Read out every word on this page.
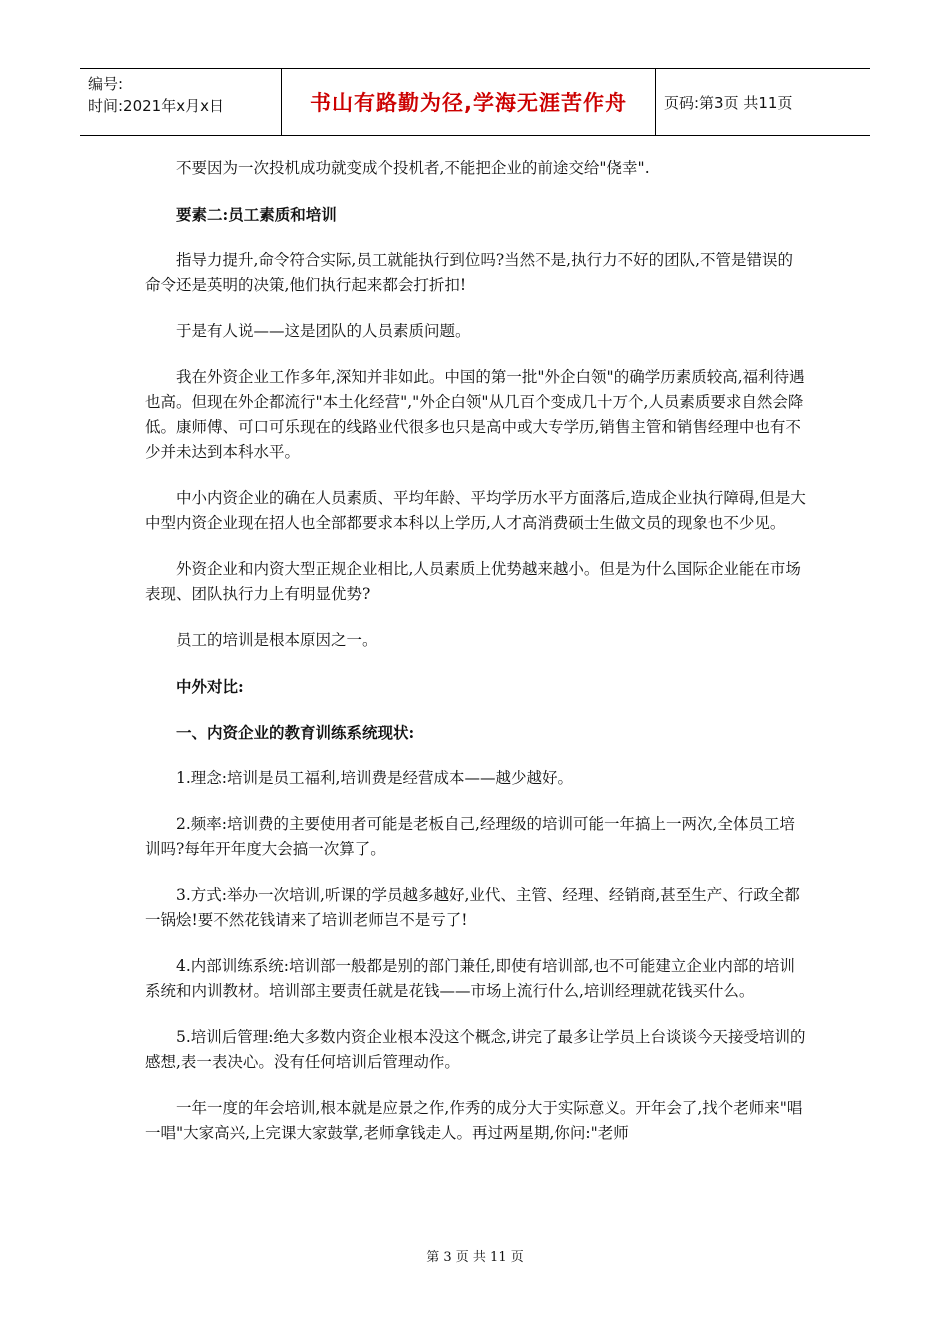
编号:
时间:2021年x月x日	书山有路勤为径,学海无涯苦作舟	页码:第3页 共11页

不要因为一次投机成功就变成个投机者,不能把企业的前途交给"侥幸".

要素二:员工素质和培训

指导力提升,命令符合实际,员工就能执行到位吗?当然不是,执行力不好的团队,不管是错误的命令还是英明的决策,他们执行起来都会打折扣!

于是有人说——这是团队的人员素质问题。

我在外资企业工作多年,深知并非如此。中国的第一批"外企白领"的确学历素质较高,福利待遇也高。但现在外企都流行"本土化经营","外企白领"从几百个变成几十万个,人员素质要求自然会降低。康师傅、可口可乐现在的线路业代很多也只是高中或大专学历,销售主管和销售经理中也有不少并未达到本科水平。

中小内资企业的确在人员素质、平均年龄、平均学历水平方面落后,造成企业执行障碍,但是大中型内资企业现在招人也全部都要求本科以上学历,人才高消费硕士生做文员的现象也不少见。

外资企业和内资大型正规企业相比,人员素质上优势越来越小。但是为什么国际企业能在市场表现、团队执行力上有明显优势?

员工的培训是根本原因之一。

中外对比:

一、内资企业的教育训练系统现状:

1.理念:培训是员工福利,培训费是经营成本——越少越好。

2.频率:培训费的主要使用者可能是老板自己,经理级的培训可能一年搞上一两次,全体员工培训吗?每年开年度大会搞一次算了。

3.方式:举办一次培训,听课的学员越多越好,业代、主管、经理、经销商,甚至生产、行政全都一锅烩!要不然花钱请来了培训老师岂不是亏了!

4.内部训练系统:培训部一般都是别的部门兼任,即使有培训部,也不可能建立企业内部的培训系统和内训教材。培训部主要责任就是花钱——市场上流行什么,培训经理就花钱买什么。

5.培训后管理:绝大多数内资企业根本没这个概念,讲完了最多让学员上台谈谈今天接受培训的感想,表一表决心。没有任何培训后管理动作。

一年一度的年会培训,根本就是应景之作,作秀的成分大于实际意义。开年会了,找个老师来"唱一唱"大家高兴,上完课大家鼓掌,老师拿钱走人。再过两星期,你问:"老师

第 3 页 共 11 页
